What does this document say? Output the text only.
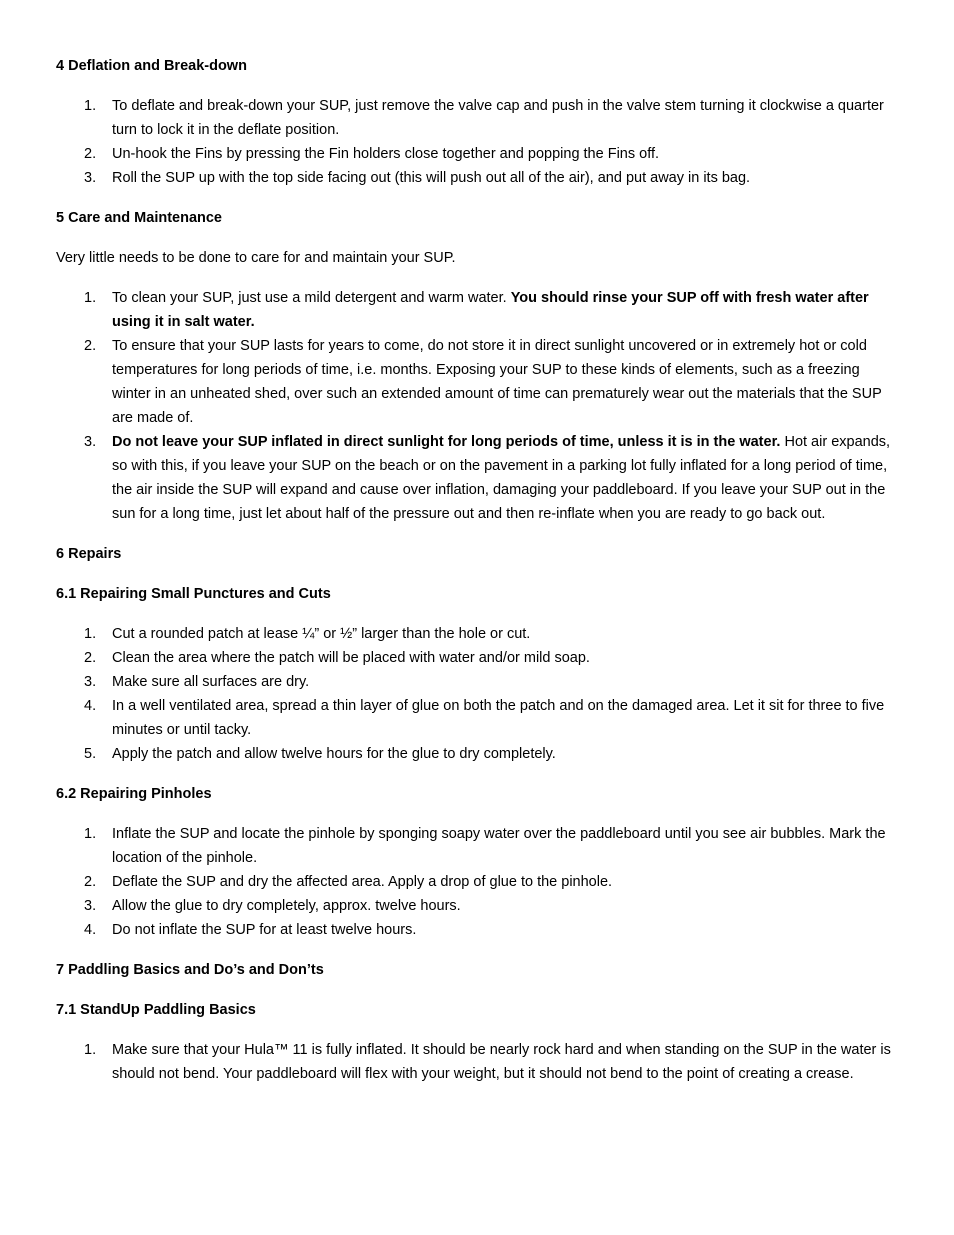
4 Deflation and Break-down
1. To deflate and break-down your SUP, just remove the valve cap and push in the valve stem turning it clockwise a quarter turn to lock it in the deflate position.
2. Un-hook the Fins by pressing the Fin holders close together and popping the Fins off.
3. Roll the SUP up with the top side facing out (this will push out all of the air), and put away in its bag.
5 Care and Maintenance

Very little needs to be done to care for and maintain your SUP.

1. To clean your SUP, just use a mild detergent and warm water. You should rinse your SUP off with fresh water after using it in salt water.
2. To ensure that your SUP lasts for years to come, do not store it in direct sunlight uncovered or in extremely hot or cold temperatures for long periods of time, i.e. months. Exposing your SUP to these kinds of elements, such as a freezing winter in an unheated shed, over such an extended amount of time can prematurely wear out the materials that the SUP are made of.
3. Do not leave your SUP inflated in direct sunlight for long periods of time, unless it is in the water. Hot air expands, so with this, if you leave your SUP on the beach or on the pavement in a parking lot fully inflated for a long period of time, the air inside the SUP will expand and cause over inflation, damaging your paddleboard. If you leave your SUP out in the sun for a long time, just let about half of the pressure out and then re-inflate when you are ready to go back out.
6 Repairs
6.1 Repairing Small Punctures and Cuts
1. Cut a rounded patch at lease ¼” or ½” larger than the hole or cut.
2. Clean the area where the patch will be placed with water and/or mild soap.
3. Make sure all surfaces are dry.
4. In a well ventilated area, spread a thin layer of glue on both the patch and on the damaged area. Let it sit for three to five minutes or until tacky.
5. Apply the patch and allow twelve hours for the glue to dry completely.
6.2 Repairing Pinholes
1. Inflate the SUP and locate the pinhole by sponging soapy water over the paddleboard until you see air bubbles. Mark the location of the pinhole.
2. Deflate the SUP and dry the affected area. Apply a drop of glue to the pinhole.
3. Allow the glue to dry completely, approx. twelve hours.
4. Do not inflate the SUP for at least twelve hours.
7 Paddling Basics and Do’s and Don’ts
7.1 StandUp Paddling Basics
1. Make sure that your Hula™ 11 is fully inflated. It should be nearly rock hard and when standing on the SUP in the water is should not bend. Your paddleboard will flex with your weight, but it should not bend to the point of creating a crease.
